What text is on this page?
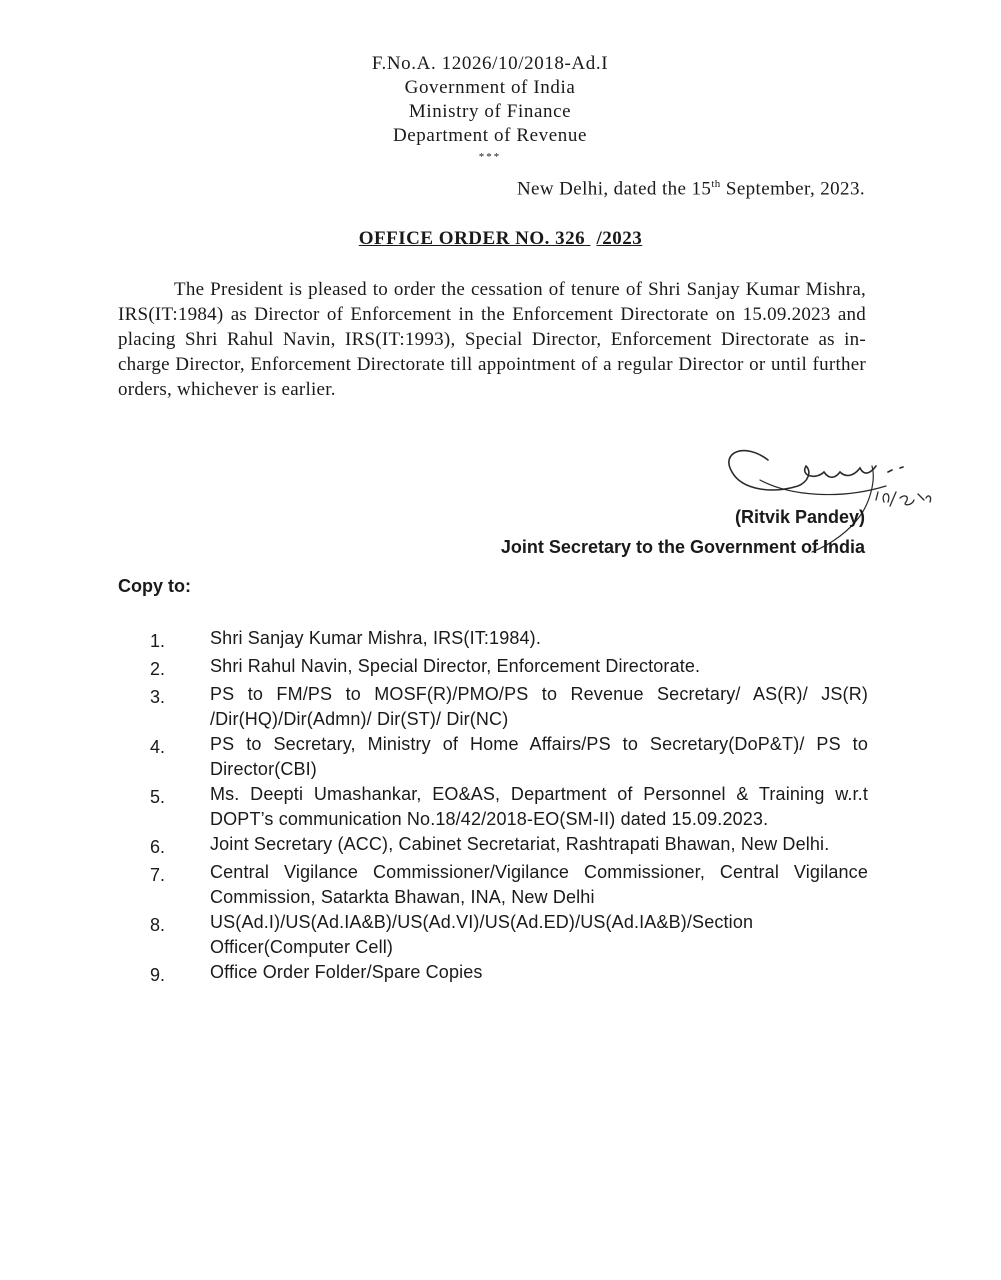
F.No.A. 12026/10/2018-Ad.I
Government of India
Ministry of Finance
Department of Revenue
***
New Delhi, dated the 15th September, 2023.
OFFICE ORDER NO. 326 /2023

The President is pleased to order the cessation of tenure of Shri Sanjay Kumar Mishra, IRS(IT:1984) as Director of Enforcement in the Enforcement Directorate on 15.09.2023 and placing Shri Rahul Navin, IRS(IT:1993), Special Director, Enforcement Directorate as in-charge Director, Enforcement Directorate till appointment of a regular Director or until further orders, whichever is earlier.

(Ritvik Pandey)
Joint Secretary to the Government of India
Copy to:
1.	Shri Sanjay Kumar Mishra, IRS(IT:1984).
2.	Shri Rahul Navin, Special Director, Enforcement Directorate.
3.	PS to FM/PS to MOSF(R)/PMO/PS to Revenue Secretary/ AS(R)/ JS(R) /Dir(HQ)/Dir(Admn)/ Dir(ST)/ Dir(NC)
4.	PS to Secretary, Ministry of Home Affairs/PS to Secretary(DoP&T)/ PS to Director(CBI)
5.	Ms. Deepti Umashankar, EO&AS, Department of Personnel & Training w.r.t DOPT’s communication No.18/42/2018-EO(SM-II) dated 15.09.2023.
6.	Joint Secretary (ACC), Cabinet Secretariat, Rashtrapati Bhawan, New Delhi.
7.	Central Vigilance Commissioner/Vigilance Commissioner, Central Vigilance Commission, Satarkta Bhawan, INA, New Delhi
8.	US(Ad.I)/US(Ad.IA&B)/US(Ad.VI)/US(Ad.ED)/US(Ad.IA&B)/Section Officer(Computer Cell)
9.	Office Order Folder/Spare Copies
